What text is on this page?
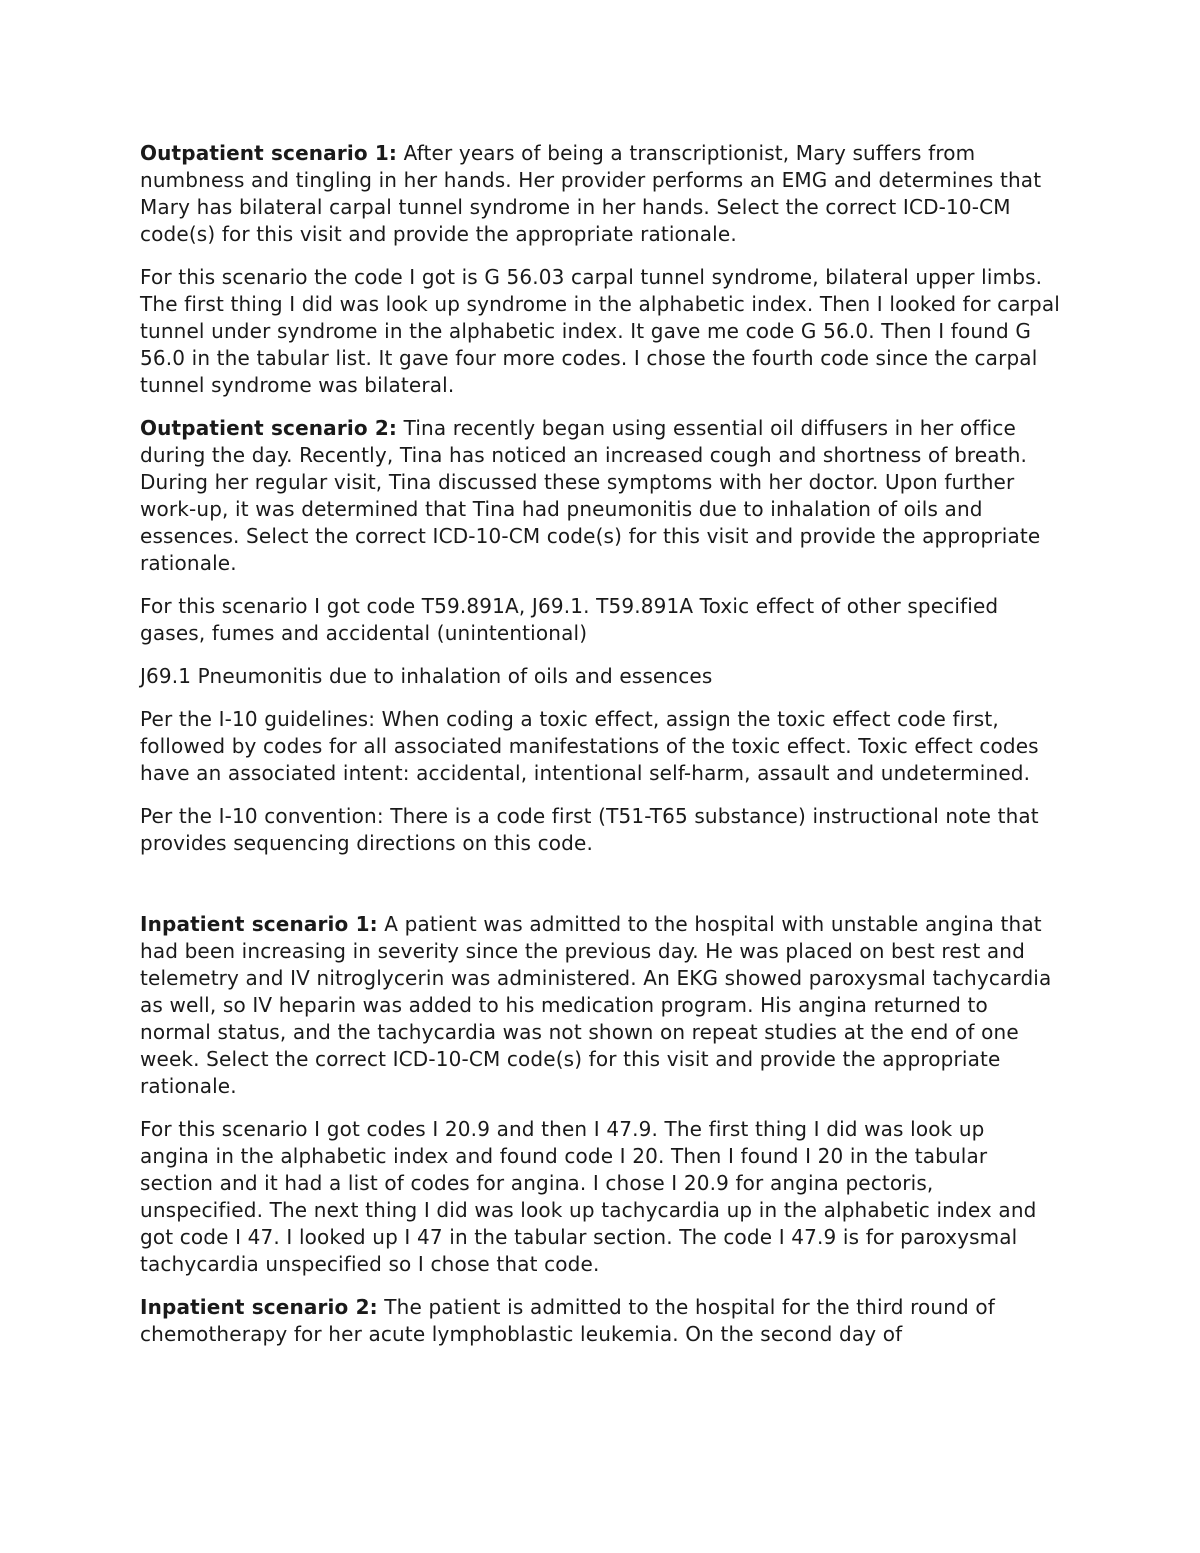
Outpatient scenario 1: After years of being a transcriptionist, Mary suffers from numbness and tingling in her hands. Her provider performs an EMG and determines that Mary has bilateral carpal tunnel syndrome in her hands. Select the correct ICD-10-CM code(s) for this visit and provide the appropriate rationale.

For this scenario the code I got is G 56.03 carpal tunnel syndrome, bilateral upper limbs. The first thing I did was look up syndrome in the alphabetic index. Then I looked for carpal tunnel under syndrome in the alphabetic index. It gave me code G 56.0. Then I found G 56.0 in the tabular list. It gave four more codes. I chose the fourth code since the carpal tunnel syndrome was bilateral.

Outpatient scenario 2: Tina recently began using essential oil diffusers in her office during the day. Recently, Tina has noticed an increased cough and shortness of breath. During her regular visit, Tina discussed these symptoms with her doctor. Upon further work-up, it was determined that Tina had pneumonitis due to inhalation of oils and essences. Select the correct ICD-10-CM code(s) for this visit and provide the appropriate rationale.

For this scenario I got code T59.891A, J69.1. T59.891A Toxic effect of other specified gases, fumes and accidental (unintentional)

J69.1 Pneumonitis due to inhalation of oils and essences

Per the I-10 guidelines: When coding a toxic effect, assign the toxic effect code first, followed by codes for all associated manifestations of the toxic effect. Toxic effect codes have an associated intent: accidental, intentional self-harm, assault and undetermined.

Per the I-10 convention: There is a code first (T51-T65 substance) instructional note that provides sequencing directions on this code.

Inpatient scenario 1: A patient was admitted to the hospital with unstable angina that had been increasing in severity since the previous day. He was placed on best rest and telemetry and IV nitroglycerin was administered. An EKG showed paroxysmal tachycardia as well, so IV heparin was added to his medication program. His angina returned to normal status, and the tachycardia was not shown on repeat studies at the end of one week. Select the correct ICD-10-CM code(s) for this visit and provide the appropriate rationale.

For this scenario I got codes I 20.9 and then I 47.9. The first thing I did was look up angina in the alphabetic index and found code I 20. Then I found I 20 in the tabular section and it had a list of codes for angina. I chose I 20.9 for angina pectoris, unspecified. The next thing I did was look up tachycardia up in the alphabetic index and got code I 47. I looked up I 47 in the tabular section. The code I 47.9 is for paroxysmal tachycardia unspecified so I chose that code.

Inpatient scenario 2: The patient is admitted to the hospital for the third round of chemotherapy for her acute lymphoblastic leukemia. On the second day of
